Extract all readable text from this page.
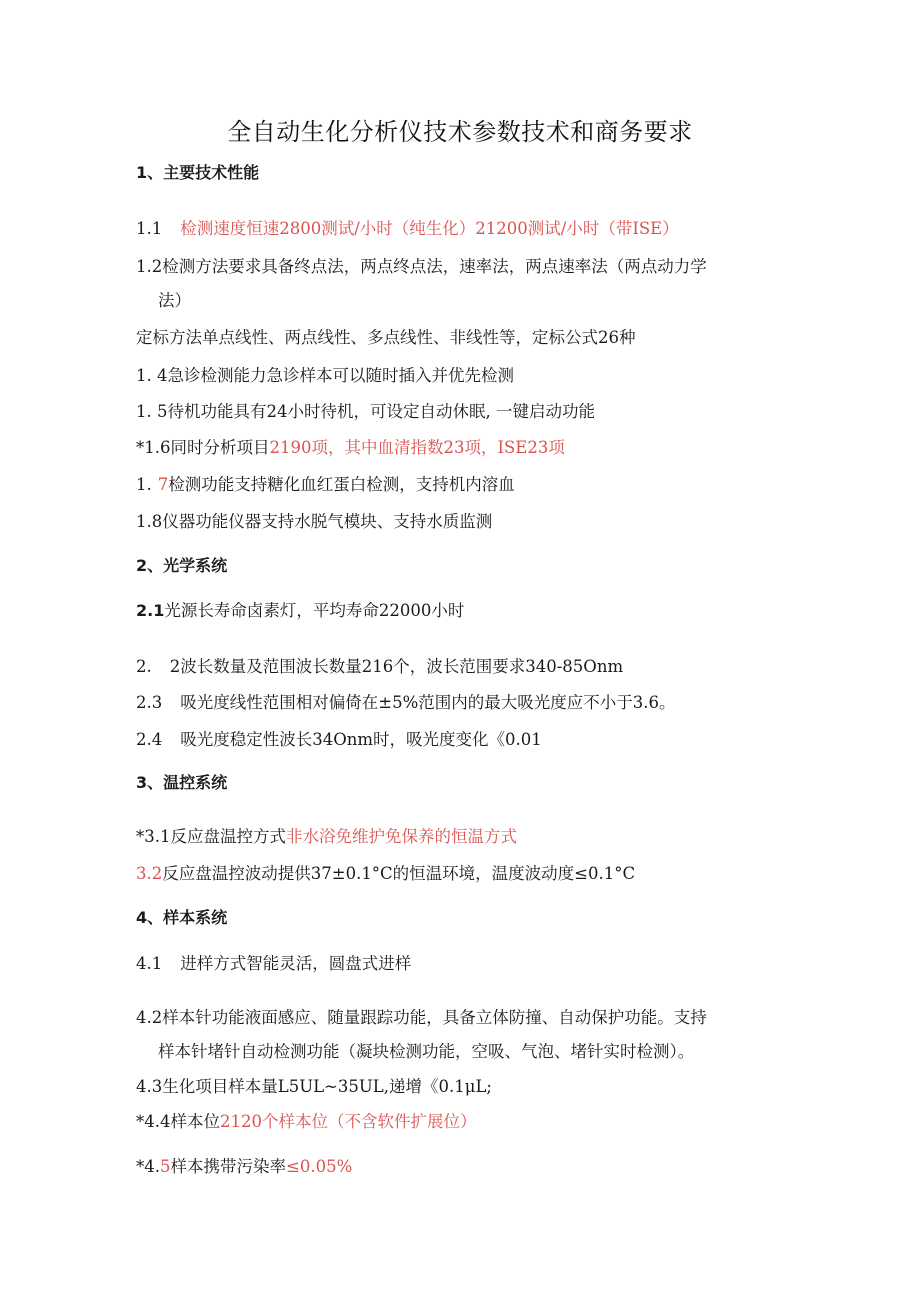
全自动生化分析仪技术参数技术和商务要求
1、主要技术性能
1.1 检测速度恒速2800测试/小时（纯生化）21200测试/小时（带ISE）
1.2检测方法要求具备终点法，两点终点法，速率法，两点速率法（两点动力学
法）
定标方法单点线性、两点线性、多点线性、非线性等，定标公式26种
1. 4急诊检测能力急诊样本可以随时插入并优先检测
1. 5待机功能具有24小时待机，可设定自动休眠, 一键启动功能
*1.6同时分析项目2190项，其中血清指数23项，ISE23项
1. 7检测功能支持糖化血红蛋白检测，支持机内溶血
1.8仪器功能仪器支持水脱气模块、支持水质监测
2、光学系统
2.1光源长寿命卤素灯，平均寿命22000小时
2. 2波长数量及范围波长数量216个，波长范围要求340-85Onm
2.3 吸光度线性范围相对偏倚在±5%范围内的最大吸光度应不小于3.6。
2.4 吸光度稳定性波长34Onm时，吸光度变化《0.01
3、温控系统
*3.1反应盘温控方式非水浴免维护免保养的恒温方式
3.2反应盘温控波动提供37±0.1°C的恒温环境，温度波动度≤0.1°C
4、样本系统
4.1 进样方式智能灵活，圆盘式进样
4.2样本针功能液面感应、随量跟踪功能，具备立体防撞、自动保护功能。支持
样本针堵针自动检测功能（凝块检测功能，空吸、气泡、堵针实时检测）。
4.3生化项目样本量L5UL~35UL,递增《0.1μL;
*4.4样本位2120个样本位（不含软件扩展位）
*4.5样本携带污染率≤0.05%
